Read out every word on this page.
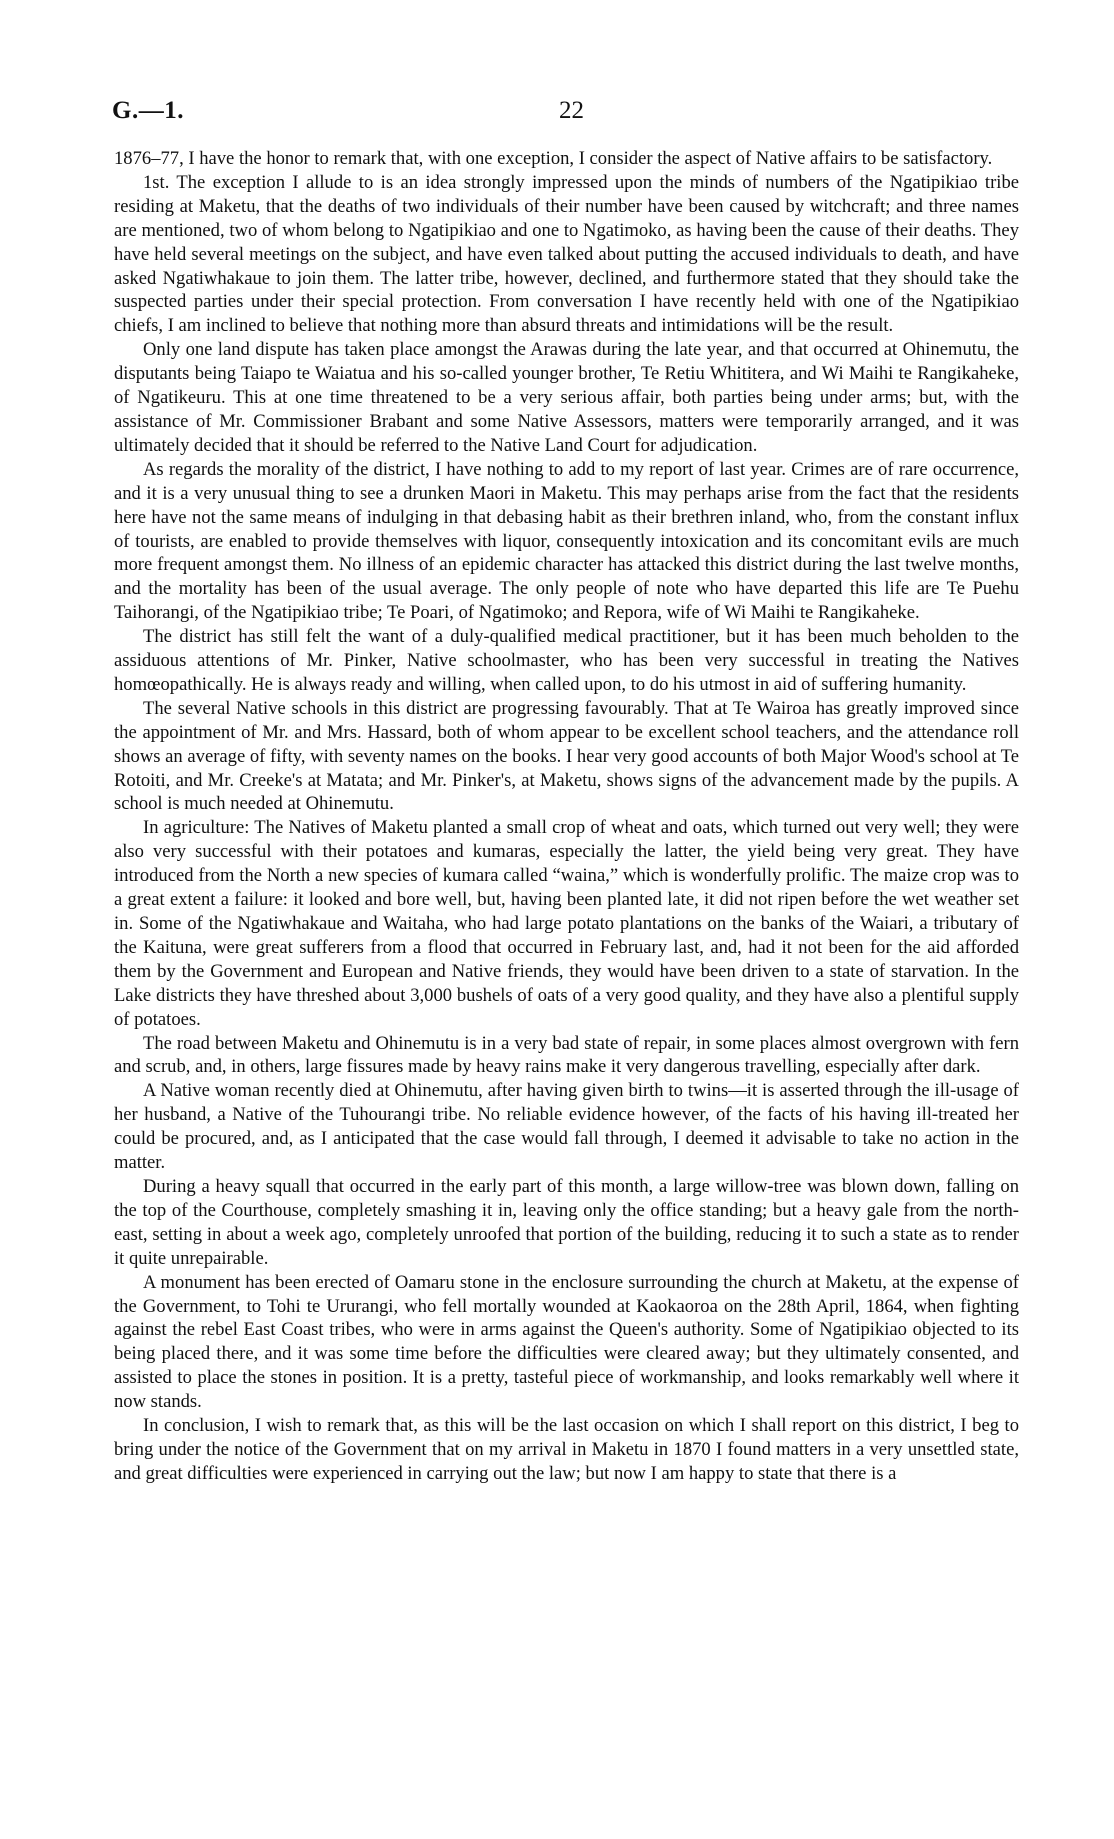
G.—1.	22

1876–77, I have the honor to remark that, with one exception, I consider the aspect of Native affairs to be satisfactory.

1st. The exception I allude to is an idea strongly impressed upon the minds of numbers of the Ngatipikiao tribe residing at Maketu, that the deaths of two individuals of their number have been caused by witchcraft; and three names are mentioned, two of whom belong to Ngatipikiao and one to Ngatimoko, as having been the cause of their deaths. They have held several meetings on the subject, and have even talked about putting the accused individuals to death, and have asked Ngatiwhakaue to join them. The latter tribe, however, declined, and furthermore stated that they should take the suspected parties under their special protection. From conversation I have recently held with one of the Ngatipikiao chiefs, I am inclined to believe that nothing more than absurd threats and intimidations will be the result.

Only one land dispute has taken place amongst the Arawas during the late year, and that occurred at Ohinemutu, the disputants being Taiapo te Waiatua and his so-called younger brother, Te Retiu Whititera, and Wi Maihi te Rangikaheke, of Ngatikeuru. This at one time threatened to be a very serious affair, both parties being under arms; but, with the assistance of Mr. Commissioner Brabant and some Native Assessors, matters were temporarily arranged, and it was ultimately decided that it should be referred to the Native Land Court for adjudication.

As regards the morality of the district, I have nothing to add to my report of last year. Crimes are of rare occurrence, and it is a very unusual thing to see a drunken Maori in Maketu. This may perhaps arise from the fact that the residents here have not the same means of indulging in that debasing habit as their brethren inland, who, from the constant influx of tourists, are enabled to provide themselves with liquor, consequently intoxication and its concomitant evils are much more frequent amongst them. No illness of an epidemic character has attacked this district during the last twelve months, and the mortality has been of the usual average. The only people of note who have departed this life are Te Puehu Taihorangi, of the Ngatipikiao tribe; Te Poari, of Ngatimoko; and Repora, wife of Wi Maihi te Rangikaheke.

The district has still felt the want of a duly-qualified medical practitioner, but it has been much beholden to the assiduous attentions of Mr. Pinker, Native schoolmaster, who has been very successful in treating the Natives homœopathically. He is always ready and willing, when called upon, to do his utmost in aid of suffering humanity.

The several Native schools in this district are progressing favourably. That at Te Wairoa has greatly improved since the appointment of Mr. and Mrs. Hassard, both of whom appear to be excellent school teachers, and the attendance roll shows an average of fifty, with seventy names on the books. I hear very good accounts of both Major Wood's school at Te Rotoiti, and Mr. Creeke's at Matata; and Mr. Pinker's, at Maketu, shows signs of the advancement made by the pupils. A school is much needed at Ohinemutu.

In agriculture: The Natives of Maketu planted a small crop of wheat and oats, which turned out very well; they were also very successful with their potatoes and kumaras, especially the latter, the yield being very great. They have introduced from the North a new species of kumara called “waina,” which is wonderfully prolific. The maize crop was to a great extent a failure: it looked and bore well, but, having been planted late, it did not ripen before the wet weather set in. Some of the Ngatiwhakaue and Waitaha, who had large potato plantations on the banks of the Waiari, a tributary of the Kaituna, were great sufferers from a flood that occurred in February last, and, had it not been for the aid afforded them by the Government and European and Native friends, they would have been driven to a state of starvation. In the Lake districts they have threshed about 3,000 bushels of oats of a very good quality, and they have also a plentiful supply of potatoes.

The road between Maketu and Ohinemutu is in a very bad state of repair, in some places almost overgrown with fern and scrub, and, in others, large fissures made by heavy rains make it very dangerous travelling, especially after dark.

A Native woman recently died at Ohinemutu, after having given birth to twins—it is asserted through the ill-usage of her husband, a Native of the Tuhourangi tribe. No reliable evidence however, of the facts of his having ill-treated her could be procured, and, as I anticipated that the case would fall through, I deemed it advisable to take no action in the matter.

During a heavy squall that occurred in the early part of this month, a large willow-tree was blown down, falling on the top of the Courthouse, completely smashing it in, leaving only the office standing; but a heavy gale from the north-east, setting in about a week ago, completely unroofed that portion of the building, reducing it to such a state as to render it quite unrepairable.

A monument has been erected of Oamaru stone in the enclosure surrounding the church at Maketu, at the expense of the Government, to Tohi te Ururangi, who fell mortally wounded at Kaokaoroa on the 28th April, 1864, when fighting against the rebel East Coast tribes, who were in arms against the Queen's authority. Some of Ngatipikiao objected to its being placed there, and it was some time before the difficulties were cleared away; but they ultimately consented, and assisted to place the stones in position. It is a pretty, tasteful piece of workmanship, and looks remarkably well where it now stands.

In conclusion, I wish to remark that, as this will be the last occasion on which I shall report on this district, I beg to bring under the notice of the Government that on my arrival in Maketu in 1870 I found matters in a very unsettled state, and great difficulties were experienced in carrying out the law; but now I am happy to state that there is a
